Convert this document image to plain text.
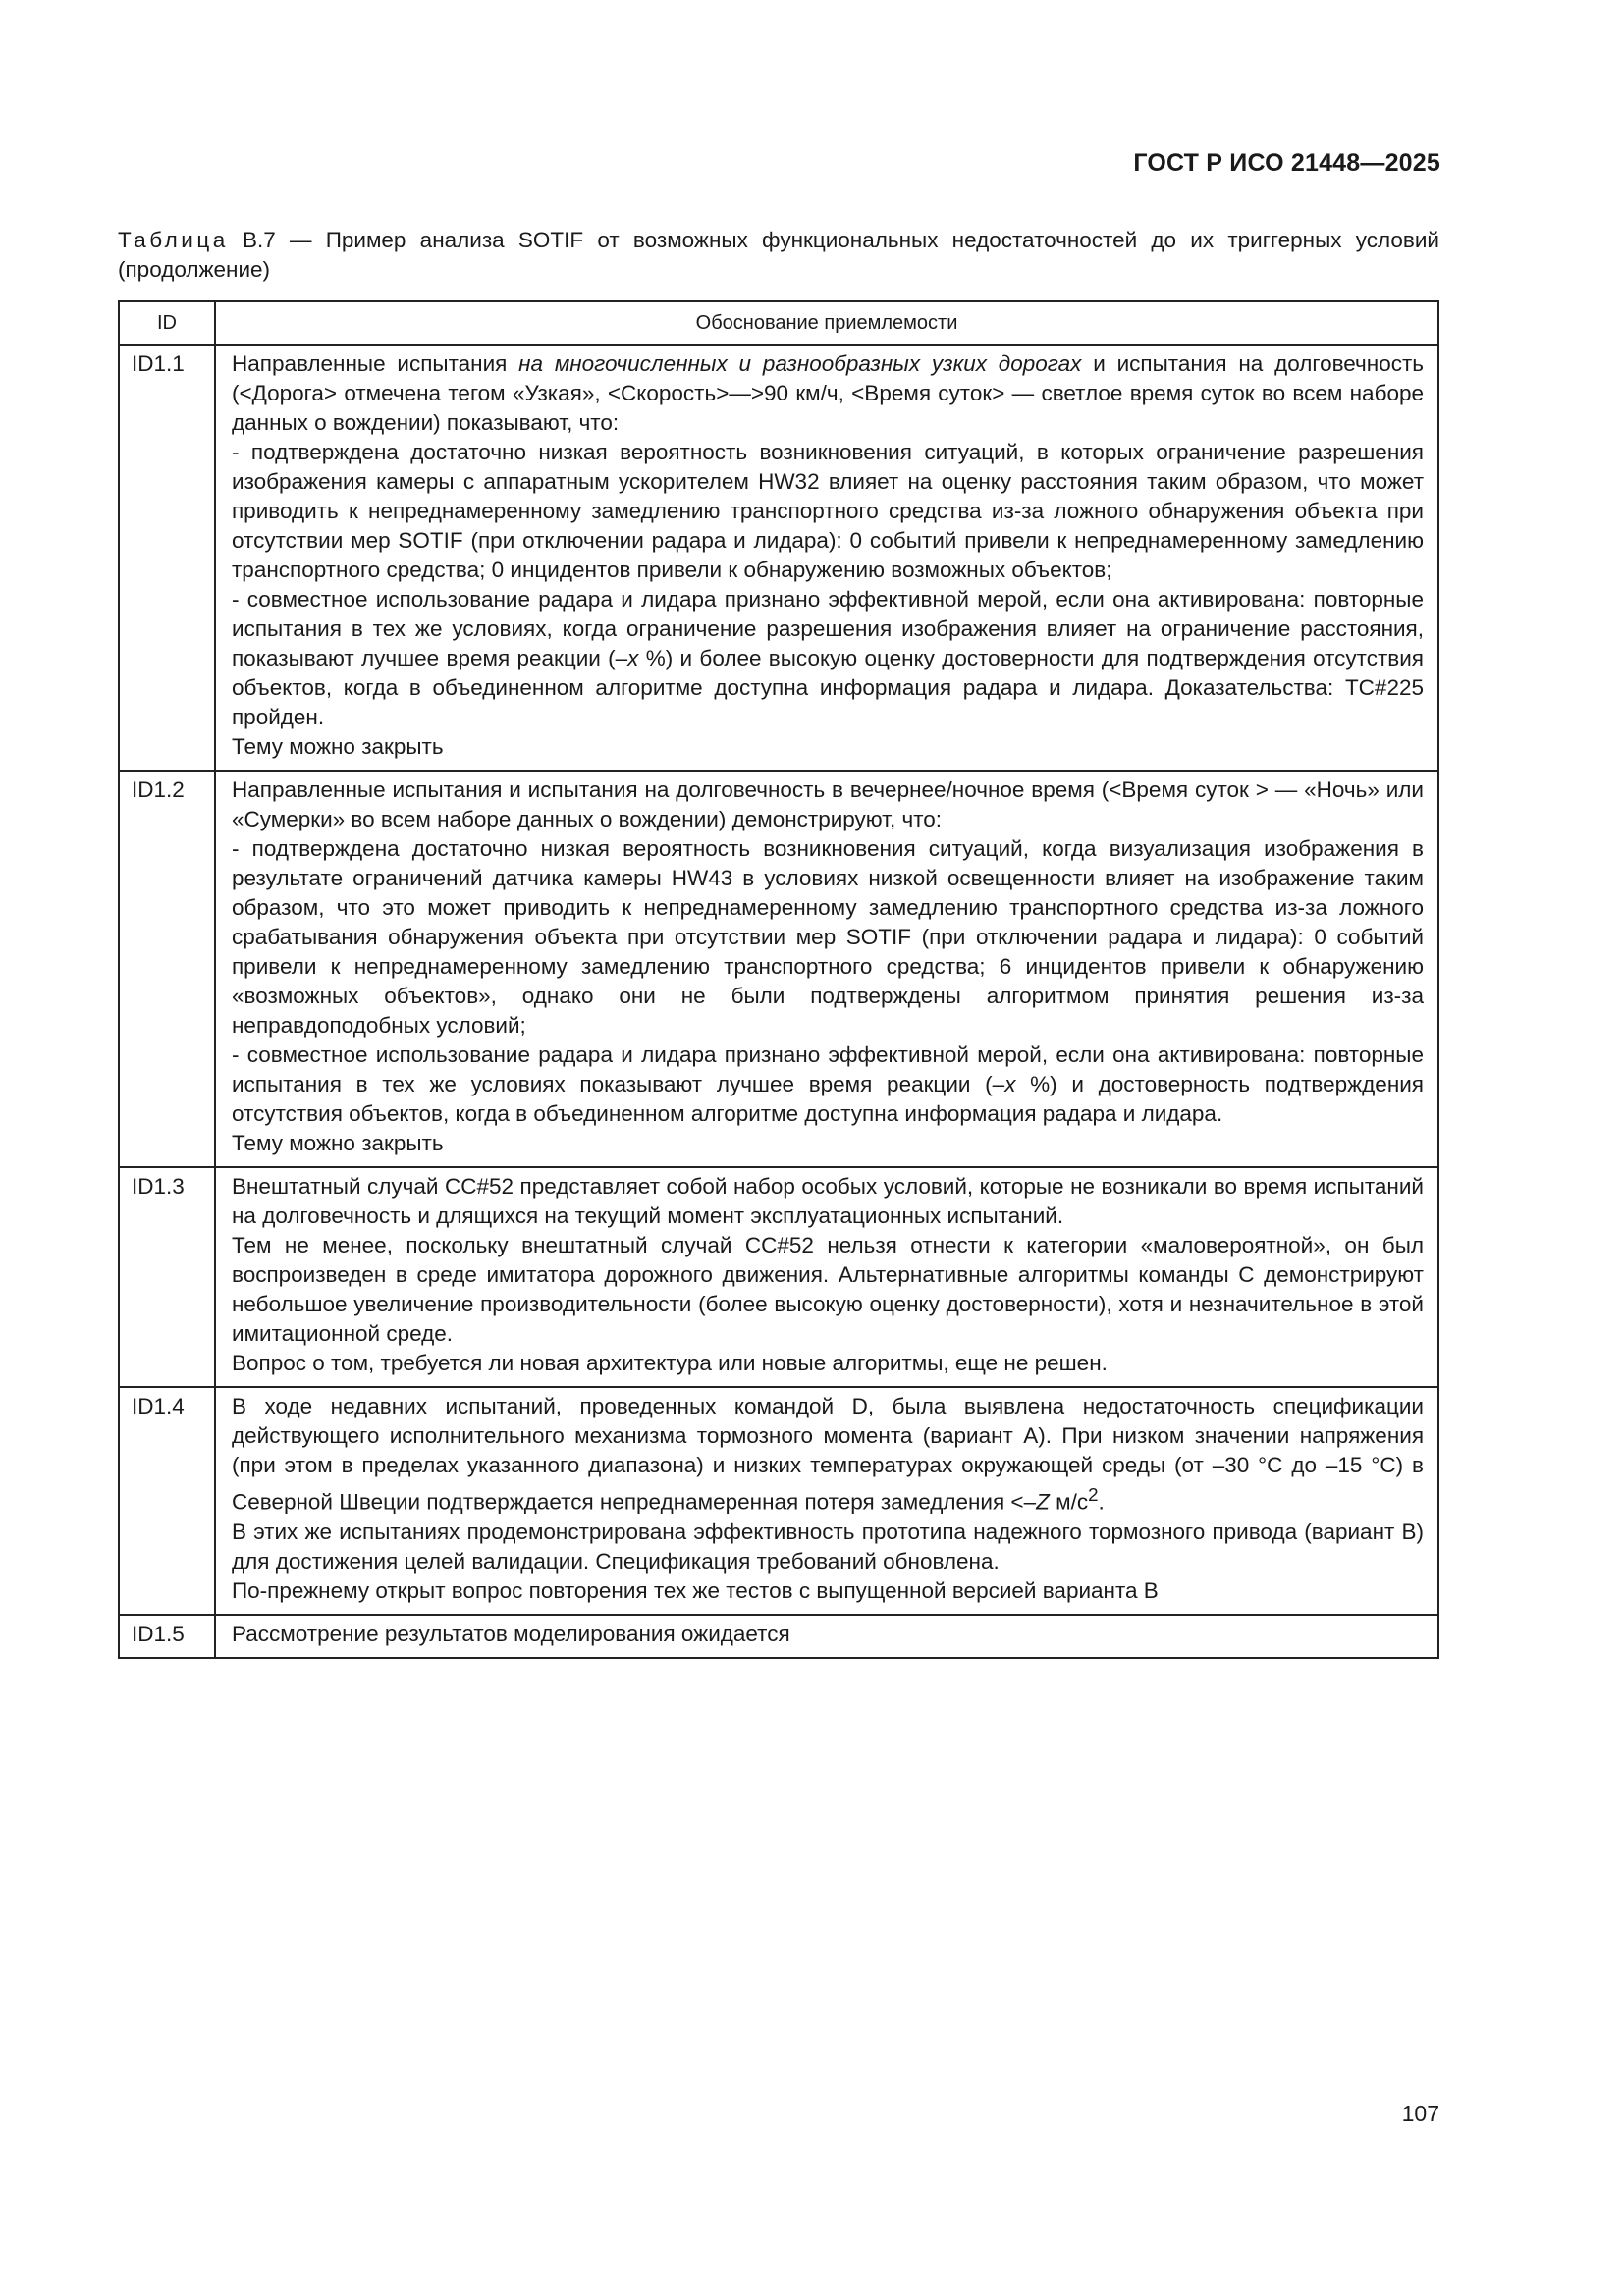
ГОСТ Р ИСО 21448—2025
Таблица В.7 — Пример анализа SOTIF от возможных функциональных недостаточностей до их триггерных условий (продолжение)
ID	Обоснование приемлемости
ID1.1	Направленные испытания на многочисленных и разнообразных узких дорогах и испытания на долговечность (<Дорога> отмечена тегом «Узкая», <Скорость>—>90 км/ч, <Время суток> — светлое время суток во всем наборе данных о вождении) показывают, что:

- подтверждена достаточно низкая вероятность возникновения ситуаций, в которых ограничение разрешения изображения камеры с аппаратным ускорителем HW32 влияет на оценку расстояния таким образом, что может приводить к непреднамеренному замедлению транспортного средства из-за ложного обнаружения объекта при отсутствии мер SOTIF (при отключении радара и лидара): 0 событий привели к непреднамеренному замедлению транспортного средства; 0 инцидентов привели к обнаружению возможных объектов;

- совместное использование радара и лидара признано эффективной мерой, если она активирована: повторные испытания в тех же условиях, когда ограничение разрешения изображения влияет на ограничение расстояния, показывают лучшее время реакции (–x %) и более высокую оценку достоверности для подтверждения отсутствия объектов, когда в объединенном алгоритме доступна информация радара и лидара. Доказательства: TC#225 пройден.

Тему можно закрыть

ID1.2	Направленные испытания и испытания на долговечность в вечернее/ночное время (<Время суток > — «Ночь» или «Сумерки» во всем наборе данных о вождении) демонстрируют, что:

- подтверждена достаточно низкая вероятность возникновения ситуаций, когда визуализация изображения в результате ограничений датчика камеры HW43 в условиях низкой освещенности влияет на изображение таким образом, что это может приводить к непреднамеренному замедлению транспортного средства из-за ложного срабатывания обнаружения объекта при отсутствии мер SOTIF (при отключении радара и лидара): 0 событий привели к непреднамеренному замедлению транспортного средства; 6 инцидентов привели к обнаружению «возможных объектов», однако они не были подтверждены алгоритмом принятия решения из-за неправдоподобных условий;

- совместное использование радара и лидара признано эффективной мерой, если она активирована: повторные испытания в тех же условиях показывают лучшее время реакции (–x %) и достоверность подтверждения отсутствия объектов, когда в объединенном алгоритме доступна информация радара и лидара.

Тему можно закрыть

ID1.3	Внештатный случай CC#52 представляет собой набор особых условий, которые не возникали во время испытаний на долговечность и длящихся на текущий момент эксплуатационных испытаний.

Тем не менее, поскольку внештатный случай CC#52 нельзя отнести к категории «маловероятной», он был воспроизведен в среде имитатора дорожного движения. Альтернативные алгоритмы команды C демонстрируют небольшое увеличение производительности (более высокую оценку достоверности), хотя и незначительное в этой имитационной среде.

Вопрос о том, требуется ли новая архитектура или новые алгоритмы, еще не решен.

ID1.4	В ходе недавних испытаний, проведенных командой D, была выявлена недостаточность спецификации действующего исполнительного механизма тормозного момента (вариант А). При низком значении напряжения (при этом в пределах указанного диапазона) и низких температурах окружающей среды (от –30 °C до –15 °C) в Северной Швеции подтверждается непреднамеренная потеря замедления <–Z $м/с^2$.

В этих же испытаниях продемонстрирована эффективность прототипа надежного тормозного привода (вариант В) для достижения целей валидации. Спецификация требований обновлена.

По-прежнему открыт вопрос повторения тех же тестов с выпущенной версией варианта В

ID1.5	Рассмотрение результатов моделирования ожидается

107
